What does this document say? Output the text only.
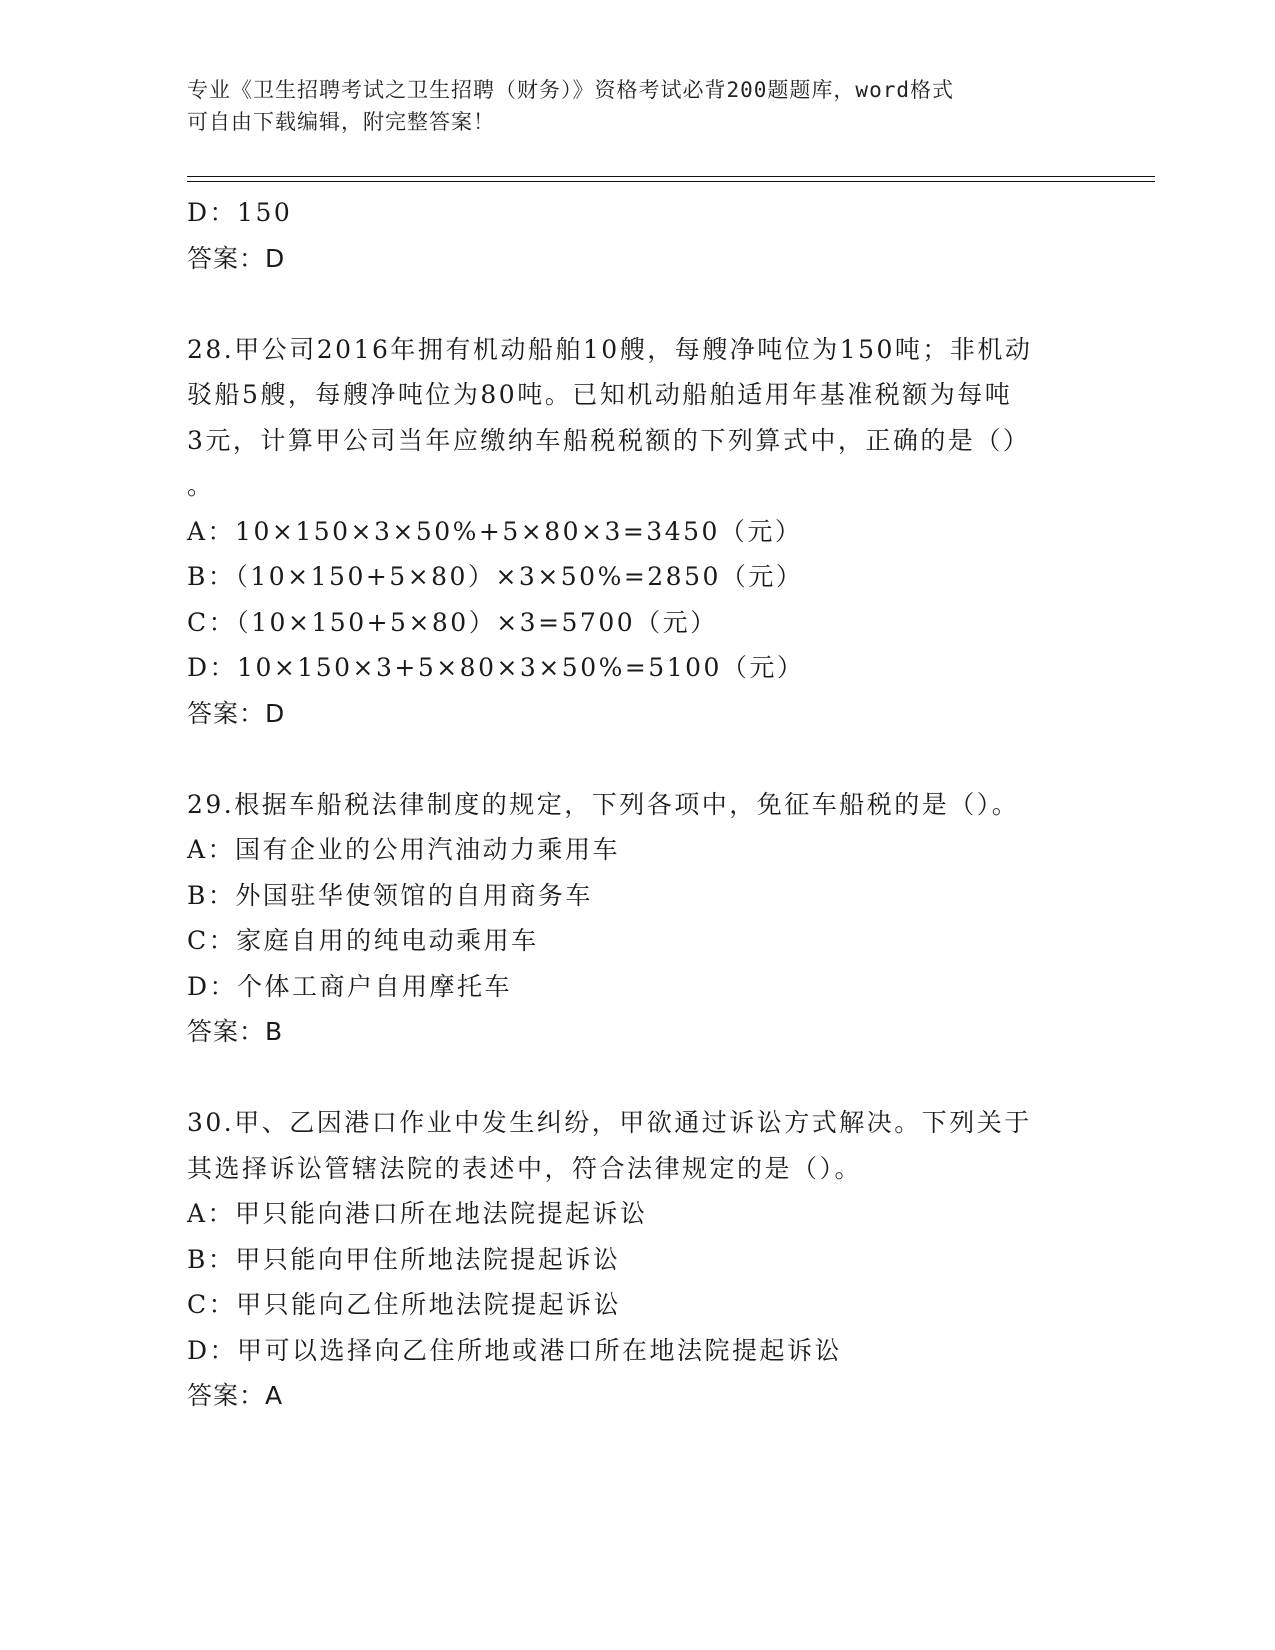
专业《卫生招聘考试之卫生招聘（财务）》资格考试必背200题题库，word格式
可自由下载编辑，附完整答案！
D：150
答案：D
28.甲公司2016年拥有机动船舶10艘，每艘净吨位为150吨；非机动
驳船5艘，每艘净吨位为80吨。已知机动船舶适用年基准税额为每吨
3元，计算甲公司当年应缴纳车船税税额的下列算式中，正确的是（）
。
A：10×150×3×50%+5×80×3=3450（元）
B：（10×150+5×80）×3×50%=2850（元）
C：（10×150+5×80）×3=5700（元）
D：10×150×3+5×80×3×50%=5100（元）
答案：D
29.根据车船税法律制度的规定，下列各项中，免征车船税的是（）。
A：国有企业的公用汽油动力乘用车
B：外国驻华使领馆的自用商务车
C：家庭自用的纯电动乘用车
D：个体工商户自用摩托车
答案：B
30.甲、乙因港口作业中发生纠纷，甲欲通过诉讼方式解决。下列关于
其选择诉讼管辖法院的表述中，符合法律规定的是（）。
A：甲只能向港口所在地法院提起诉讼
B：甲只能向甲住所地法院提起诉讼
C：甲只能向乙住所地法院提起诉讼
D：甲可以选择向乙住所地或港口所在地法院提起诉讼
答案：A
